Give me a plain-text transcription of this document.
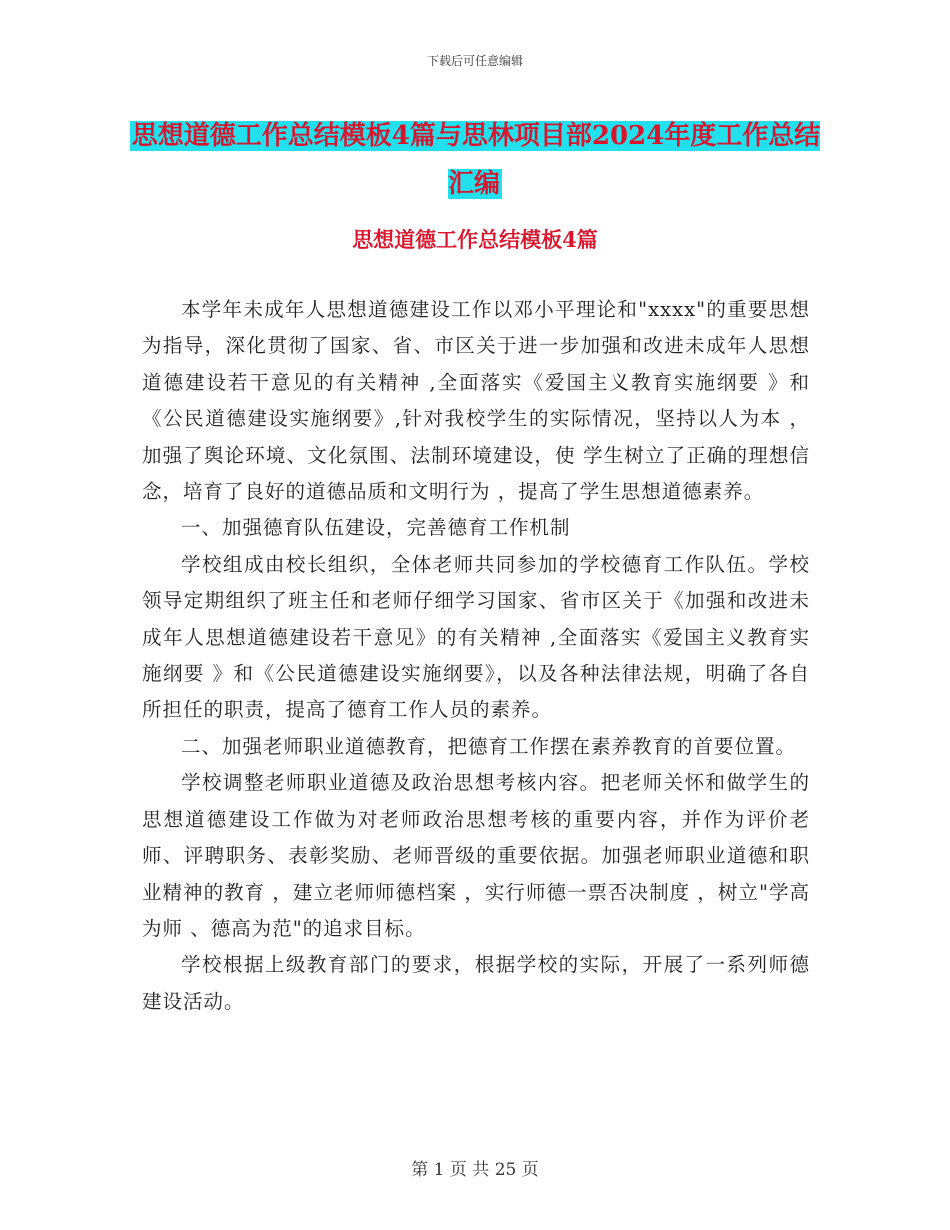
下载后可任意编辑
思想道德工作总结模板4篇与思林项目部2024年度工作总结汇编
思想道德工作总结模板4篇

本学年未成年人思想道德建设工作以邓小平理论和"xxxx"的重要思想为指导，深化贯彻了国家、省、市区关于进一步加强和改进未成年人思想道德建设若干意见的有关精神 ,全面落实《爱国主义教育实施纲要 》和《公民道德建设实施纲要》,针对我校学生的实际情况，坚持以人为本 ，加强了舆论环境、文化氛围、法制环境建设，使 学生树立了正确的理想信念，培育了良好的道德品质和文明行为 ，提高了学生思想道德素养。

一、加强德育队伍建设，完善德育工作机制

学校组成由校长组织，全体老师共同参加的学校德育工作队伍。学校领导定期组织了班主任和老师仔细学习国家、省市区关于《加强和改进未成年人思想道德建设若干意见》的有关精神 ,全面落实《爱国主义教育实施纲要 》和《公民道德建设实施纲要》，以及各种法律法规，明确了各自所担任的职责，提高了德育工作人员的素养。

二、加强老师职业道德教育，把德育工作摆在素养教育的首要位置。

学校调整老师职业道德及政治思想考核内容。把老师关怀和做学生的思想道德建设工作做为对老师政治思想考核的重要内容，并作为评价老师、评聘职务、表彰奖励、老师晋级的重要依据。加强老师职业道德和职业精神的教育 ，建立老师师德档案 ，实行师德一票否决制度 ，树立"学高为师 、德高为范"的追求目标。

学校根据上级教育部门的要求，根据学校的实际，开展了一系列师德建设活动。

第 1 页 共 25 页
